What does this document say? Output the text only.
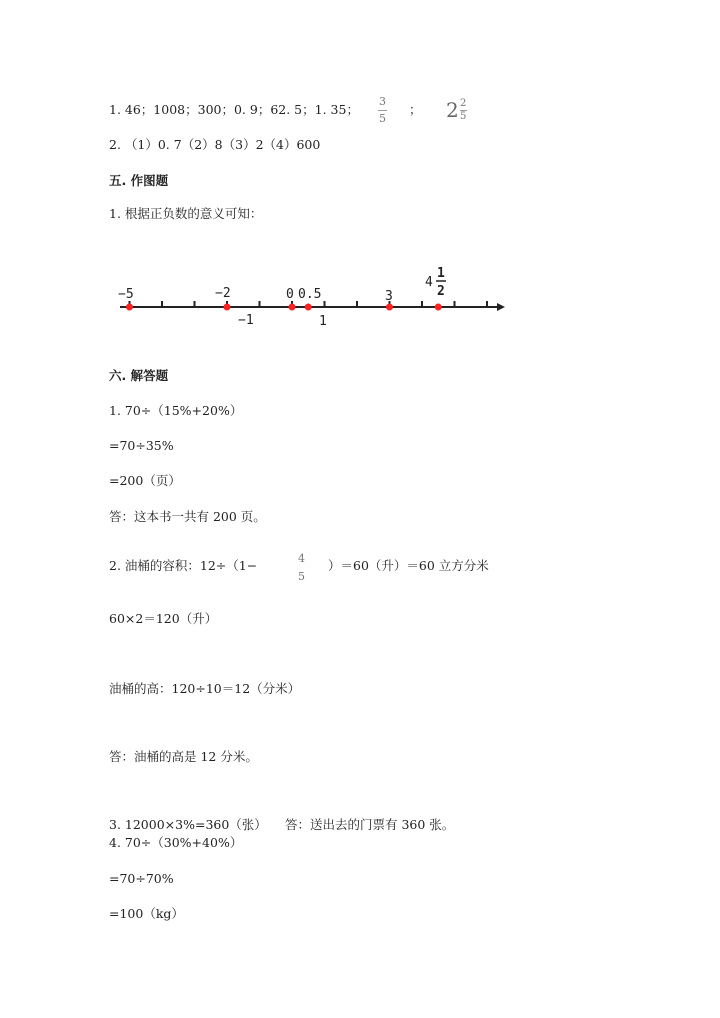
1. 46；1008；300；0. 9；62. 5；1. 35；
3
5
； $2 \frac{2}{5}$
2. （1）0. 7（2）8（3）2（4）600
五. 作图题
1. 根据正负数的意义可知：
−5	−2	0 0.5	3
4
1
2
−1	1
六. 解答题
1. 70÷（15%+20%）
=70÷35%
=200（页）
答：这本书一共有 200 页。
2. 油桶的容积：12÷（1−	4
5
）＝60（升）＝60 立方分米
60×2＝120（升）
油桶的高：120÷10＝12（分米）
答：油桶的高是 12 分米。
3. 12000×3%=360（张） 答：送出去的门票有 360 张。
4. 70÷（30%+40%）
=70÷70%
=100（kg）
